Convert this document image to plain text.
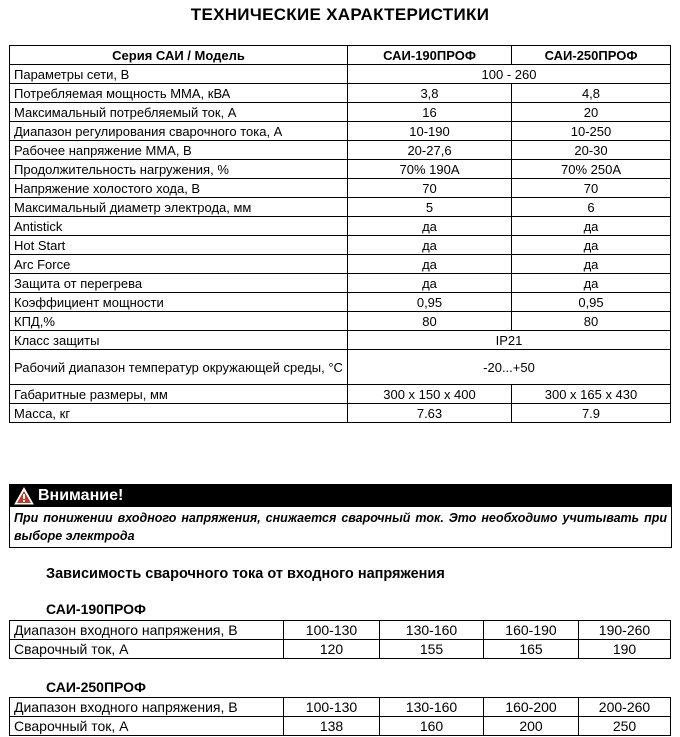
ТЕХНИЧЕСКИЕ ХАРАКТЕРИСТИКИ
Серия САИ / Модель	САИ-190ПРОФ	САИ-250ПРОФ
Параметры сети, В	100 - 260	
Потребляемая мощность ММА, кВА	3,8	4,8
Максимальный потребляемый ток, А	16	20
Диапазон регулирования сварочного тока, А	10-190	10-250
Рабочее напряжение ММА, В	20-27,6	20-30
Продолжительность нагружения, %	70% 190А	70% 250А
Напряжение холостого хода, В	70	70
Максимальный диаметр электрода, мм	5	6
Antistick	да	да
Hot Start	да	да
Arc Force	да	да
Защита от перегрева	да	да
Коэффициент мощности	0,95	0,95
КПД,%	80	80
Класс защиты	IP21	
Рабочий диапазон температур окружающей среды, °С	-20...+50	
Габаритные размеры, мм	300 х 150 х 400	300 х 165 х 430
Масса, кг	7.63	7.9
Внимание!
При понижении входного напряжения, снижается сварочный ток. Это необходимо учитывать при выборе электрода
Зависимость сварочного тока от входного напряжения
САИ-190ПРОФ
Диапазон входного напряжения, В	100-130	130-160	160-190	190-260
Сварочный ток, А	120	155	165	190
САИ-250ПРОФ
Диапазон входного напряжения, В	100-130	130-160	160-200	200-260
Сварочный ток, А	138	160	200	250
